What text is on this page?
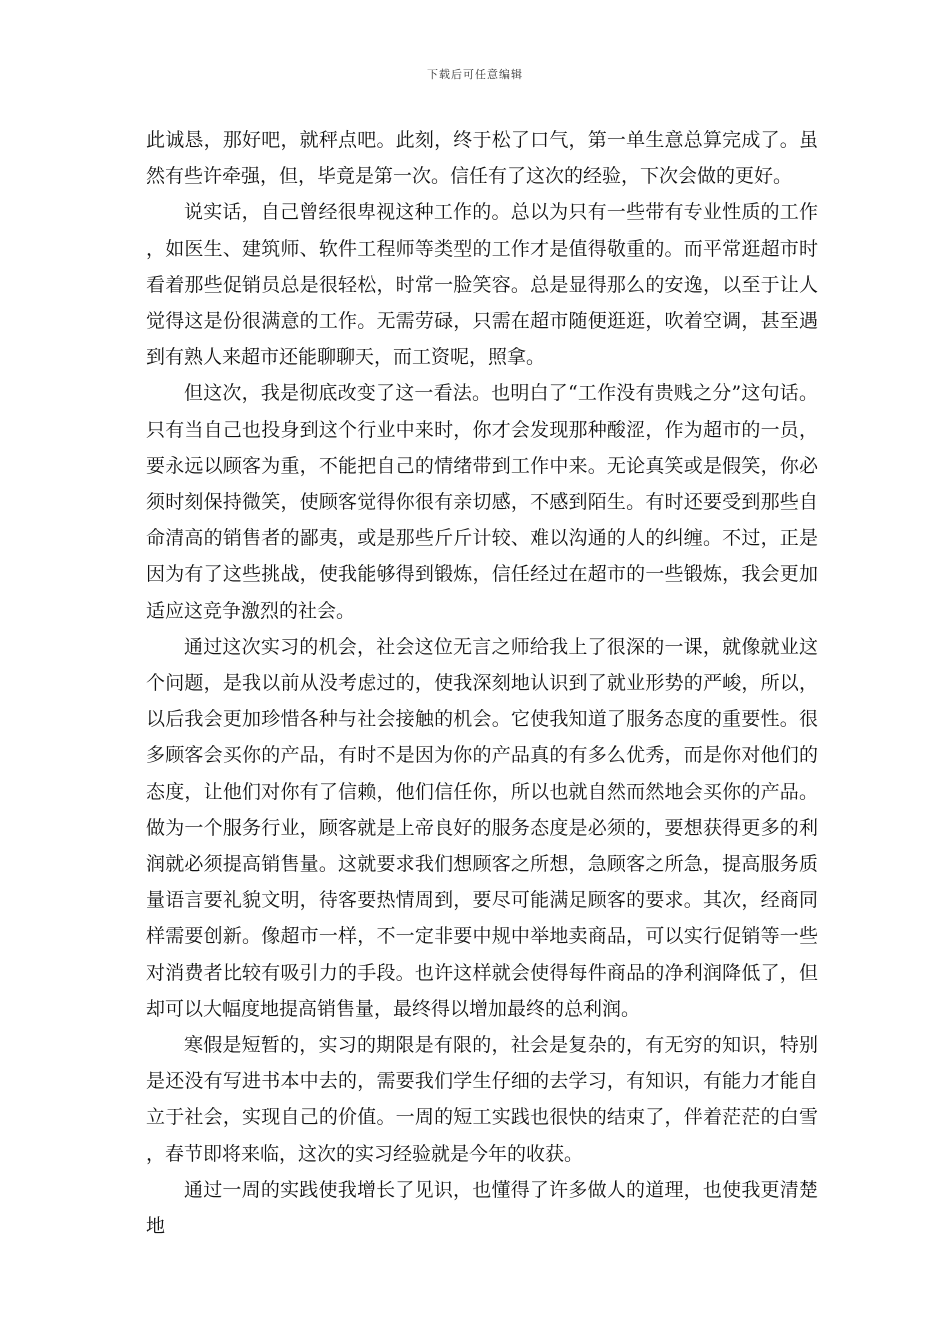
下载后可任意编辑

此诚恳，那好吧，就秤点吧。此刻，终于松了口气，第一单生意总算完成了。虽然有些许牵强，但，毕竟是第一次。信任有了这次的经验，下次会做的更好。

说实话，自己曾经很卑视这种工作的。总以为只有一些带有专业性质的工作，如医生、建筑师、软件工程师等类型的工作才是值得敬重的。而平常逛超市时看着那些促销员总是很轻松，时常一脸笑容。总是显得那么的安逸，以至于让人觉得这是份很满意的工作。无需劳碌，只需在超市随便逛逛，吹着空调，甚至遇到有熟人来超市还能聊聊天，而工资呢，照拿。

但这次，我是彻底改变了这一看法。也明白了“工作没有贵贱之分”这句话。只有当自己也投身到这个行业中来时，你才会发现那种酸涩，作为超市的一员，要永远以顾客为重，不能把自己的情绪带到工作中来。无论真笑或是假笑，你必须时刻保持微笑，使顾客觉得你很有亲切感，不感到陌生。有时还要受到那些自命清高的销售者的鄙夷，或是那些斤斤计较、难以沟通的人的纠缠。不过，正是因为有了这些挑战，使我能够得到锻炼，信任经过在超市的一些锻炼，我会更加适应这竞争激烈的社会。

通过这次实习的机会，社会这位无言之师给我上了很深的一课，就像就业这个问题，是我以前从没考虑过的，使我深刻地认识到了就业形势的严峻，所以，以后我会更加珍惜各种与社会接触的机会。它使我知道了服务态度的重要性。很多顾客会买你的产品，有时不是因为你的产品真的有多么优秀，而是你对他们的态度，让他们对你有了信赖，他们信任你，所以也就自然而然地会买你的产品。做为一个服务行业，顾客就是上帝良好的服务态度是必须的，要想获得更多的利润就必须提高销售量。这就要求我们想顾客之所想，急顾客之所急，提高服务质量语言要礼貌文明，待客要热情周到，要尽可能满足顾客的要求。其次，经商同样需要创新。像超市一样，不一定非要中规中举地卖商品，可以实行促销等一些对消费者比较有吸引力的手段。也许这样就会使得每件商品的净利润降低了，但却可以大幅度地提高销售量，最终得以增加最终的总利润。

寒假是短暂的，实习的期限是有限的，社会是复杂的，有无穷的知识，特别是还没有写进书本中去的，需要我们学生仔细的去学习，有知识，有能力才能自立于社会，实现自己的价值。一周的短工实践也很快的结束了，伴着茫茫的白雪，春节即将来临，这次的实习经验就是今年的收获。

通过一周的实践使我增长了见识，也懂得了许多做人的道理，也使我更清楚地
